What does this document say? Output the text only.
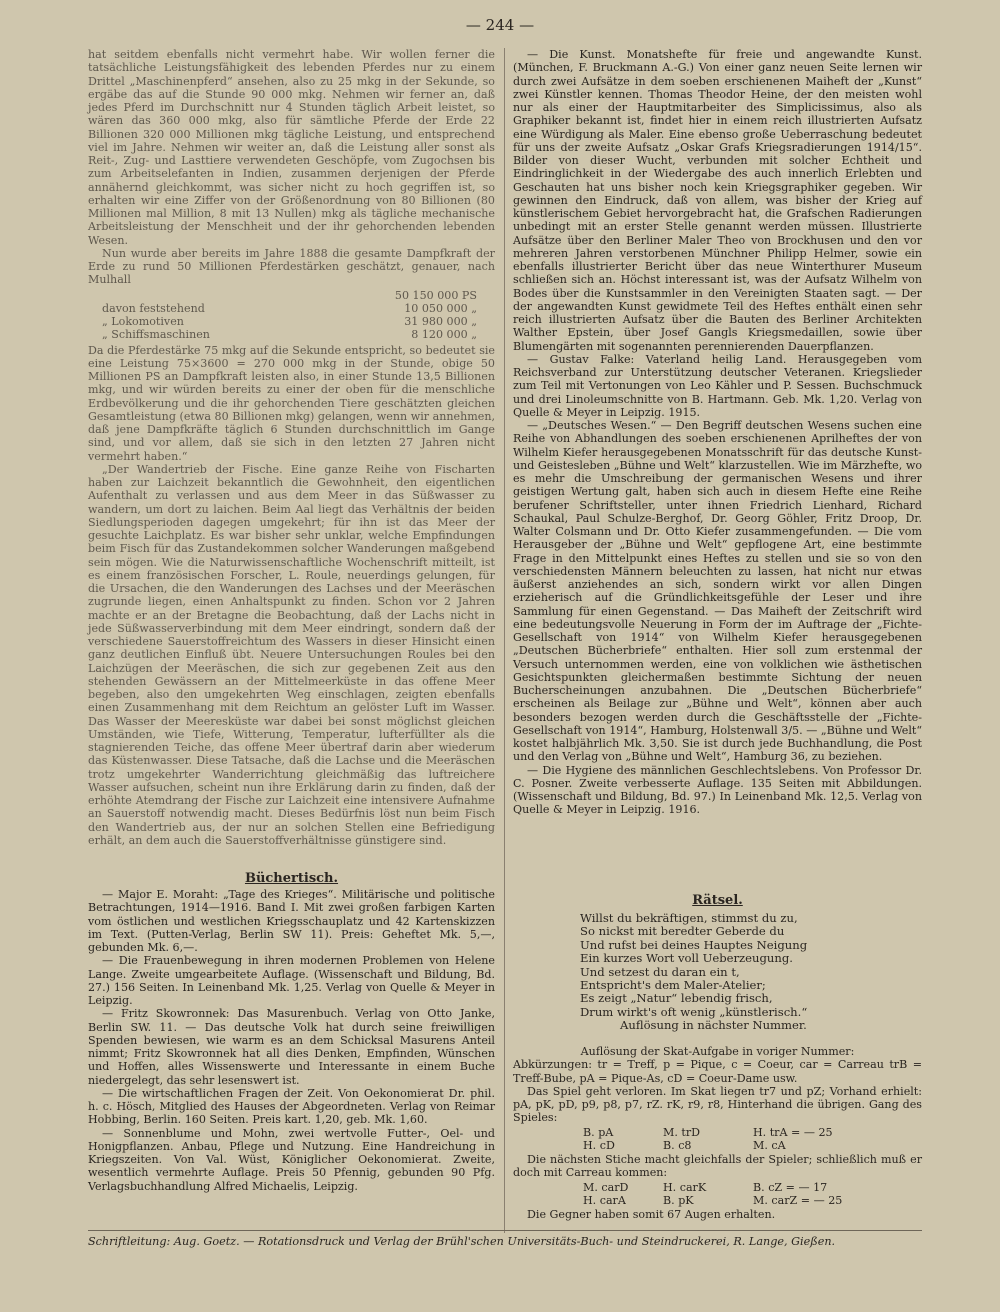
— 244 —

hat seitdem ebenfalls nicht vermehrt habe. Wir wollen ferner die tatsächliche Leistungsfähigkeit des lebenden Pferdes nur zu einem Drittel „Maschinenpferd“ ansehen, also zu 25 mkg in der Sekunde, so ergäbe das auf die Stunde 90 000 mkg. Nehmen wir ferner an, daß jedes Pferd im Durchschnitt nur 4 Stunden täglich Arbeit leistet, so wären das 360 000 mkg, also für sämtliche Pferde der Erde 22 Billionen 320 000 Millionen mkg tägliche Leistung, und entsprechend viel im Jahre. Nehmen wir weiter an, daß die Leistung aller sonst als Reit-, Zug- und Lasttiere verwendeten Geschöpfe, vom Zugochsen bis zum Arbeitselefanten in Indien, zusammen derjenigen der Pferde annähernd gleichkommt, was sicher nicht zu hoch gegriffen ist, so erhalten wir eine Ziffer von der Größenordnung von 80 Billionen (80 Millionen mal Million, 8 mit 13 Nullen) mkg als tägliche mechanische Arbeitsleistung der Menschheit und der ihr gehorchenden lebenden Wesen.

Nun wurde aber bereits im Jahre 1888 die gesamte Dampfkraft der Erde zu rund 50 Millionen Pferdestärken geschätzt, genauer, nach Mulhall

50 150 000 PS
davon feststehend	10 050 000 „
„ Lokomotiven	31 980 000 „
„ Schiffsmaschinen	8 120 000 „

Da die Pferdestärke 75 mkg auf die Sekunde entspricht, so bedeutet sie eine Leistung 75×3600 = 270 000 mkg in der Stunde, obige 50 Millionen PS an Dampfkraft leisten also, in einer Stunde 13,5 Billionen mkg, und wir würden bereits zu einer der oben für die menschliche Erdbevölkerung und die ihr gehorchenden Tiere geschätzten gleichen Gesamtleistung (etwa 80 Billionen mkg) gelangen, wenn wir annehmen, daß jene Dampfkräfte täglich 6 Stunden durchschnittlich im Gange sind, und vor allem, daß sie sich in den letzten 27 Jahren nicht vermehrt haben.“

„Der Wandertrieb der Fische. Eine ganze Reihe von Fischarten haben zur Laichzeit bekanntlich die Gewohnheit, den eigentlichen Aufenthalt zu verlassen und aus dem Meer in das Süßwasser zu wandern, um dort zu laichen. Beim Aal liegt das Verhältnis der beiden Siedlungsperioden dagegen umgekehrt; für ihn ist das Meer der gesuchte Laichplatz. Es war bisher sehr unklar, welche Empfindungen beim Fisch für das Zustandekommen solcher Wanderungen maßgebend sein mögen. Wie die Naturwissenschaftliche Wochenschrift mitteilt, ist es einem französischen Forscher, L. Roule, neuerdings gelungen, für die Ursachen, die den Wanderungen des Lachses und der Meeräschen zugrunde liegen, einen Anhaltspunkt zu finden. Schon vor 2 Jahren machte er an der Bretagne die Beobachtung, daß der Lachs nicht in jede Süßwasserverbindung mit dem Meer eindringt, sondern daß der verschiedene Sauerstoffreichtum des Wassers in dieser Hinsicht einen ganz deutlichen Einfluß übt. Neuere Untersuchungen Roules bei den Laichzügen der Meeräschen, die sich zur gegebenen Zeit aus den stehenden Gewässern an der Mittelmeerküste in das offene Meer begeben, also den umgekehrten Weg einschlagen, zeigten ebenfalls einen Zusammenhang mit dem Reichtum an gelöster Luft im Wasser. Das Wasser der Meeresküste war dabei bei sonst möglichst gleichen Umständen, wie Tiefe, Witterung, Temperatur, lufterfüllter als die stagnierenden Teiche, das offene Meer übertraf darin aber wiederum das Küstenwasser. Diese Tatsache, daß die Lachse und die Meeräschen trotz umgekehrter Wanderrichtung gleichmäßig das luftreichere Wasser aufsuchen, scheint nun ihre Erklärung darin zu finden, daß der erhöhte Atemdrang der Fische zur Laichzeit eine intensivere Aufnahme an Sauerstoff notwendig macht. Dieses Bedürfnis löst nun beim Fisch den Wandertrieb aus, der nur an solchen Stellen eine Befriedigung erhält, an dem auch die Sauerstoffverhältnisse günstigere sind.

Büchertisch.

— Major E. Moraht: „Tage des Krieges“. Militärische und politische Betrachtungen, 1914—1916. Band I. Mit zwei großen farbigen Karten vom östlichen und westlichen Kriegsschauplatz und 42 Kartenskizzen im Text. (Putten-Verlag, Berlin SW 11). Preis: Geheftet Mk. 5,—, gebunden Mk. 6,—.

— Die Frauenbewegung in ihren modernen Problemen von Helene Lange. Zweite umgearbeitete Auflage. (Wissenschaft und Bildung, Bd. 27.) 156 Seiten. In Leinenband Mk. 1,25. Verlag von Quelle & Meyer in Leipzig.

— Fritz Skowronnek: Das Masurenbuch. Verlag von Otto Janke, Berlin SW. 11. — Das deutsche Volk hat durch seine freiwilligen Spenden bewiesen, wie warm es an dem Schicksal Masurens Anteil nimmt; Fritz Skowronnek hat all dies Denken, Empfinden, Wünschen und Hoffen, alles Wissenswerte und Interessante in einem Buche niedergelegt, das sehr lesenswert ist.

— Die wirtschaftlichen Fragen der Zeit. Von Oekonomierat Dr. phil. h. c. Hösch, Mitglied des Hauses der Abgeordneten. Verlag von Reimar Hobbing, Berlin. 160 Seiten. Preis kart. 1,20, geb. Mk. 1,60.

— Sonnenblume und Mohn, zwei wertvolle Futter-, Oel- und Honigpflanzen. Anbau, Pflege und Nutzung. Eine Handreichung in Kriegszeiten. Von Val. Wüst, Königlicher Oekonomierat. Zweite, wesentlich vermehrte Auflage. Preis 50 Pfennig, gebunden 90 Pfg. Verlagsbuchhandlung Alfred Michaelis, Leipzig.

— Die Kunst. Monatshefte für freie und angewandte Kunst. (München, F. Bruckmann A.-G.) Von einer ganz neuen Seite lernen wir durch zwei Aufsätze in dem soeben erschienenen Maiheft der „Kunst“ zwei Künstler kennen. Thomas Theodor Heine, der den meisten wohl nur als einer der Hauptmitarbeiter des Simplicissimus, also als Graphiker bekannt ist, findet hier in einem reich illustrierten Aufsatz eine Würdigung als Maler. Eine ebenso große Ueberraschung bedeutet für uns der zweite Aufsatz „Oskar Grafs Kriegsradierungen 1914/15“. Bilder von dieser Wucht, verbunden mit solcher Echtheit und Eindringlichkeit in der Wiedergabe des auch innerlich Erlebten und Geschauten hat uns bisher noch kein Kriegsgraphiker gegeben. Wir gewinnen den Eindruck, daß von allem, was bisher der Krieg auf künstlerischem Gebiet hervorgebracht hat, die Grafschen Radierungen unbedingt mit an erster Stelle genannt werden müssen. Illustrierte Aufsätze über den Berliner Maler Theo von Brockhusen und den vor mehreren Jahren verstorbenen Münchner Philipp Helmer, sowie ein ebenfalls illustrierter Bericht über das neue Winterthurer Museum schließen sich an. Höchst interessant ist, was der Aufsatz Wilhelm von Bodes über die Kunstsammler in den Vereinigten Staaten sagt. — Der der angewandten Kunst gewidmete Teil des Heftes enthält einen sehr reich illustrierten Aufsatz über die Bauten des Berliner Architekten Walther Epstein, über Josef Gangls Kriegsmedaillen, sowie über Blumengärten mit sogenannten perennierenden Dauerpflanzen.

— Gustav Falke: Vaterland heilig Land. Herausgegeben vom Reichsverband zur Unterstützung deutscher Veteranen. Kriegslieder zum Teil mit Vertonungen von Leo Kähler und P. Sessen. Buchschmuck und drei Linoleumschnitte von B. Hartmann. Geb. Mk. 1,20. Verlag von Quelle & Meyer in Leipzig. 1915.

— „Deutsches Wesen.“ — Den Begriff deutschen Wesens suchen eine Reihe von Abhandlungen des soeben erschienenen Aprilheftes der von Wilhelm Kiefer herausgegebenen Monatsschrift für das deutsche Kunst- und Geistesleben „Bühne und Welt“ klarzustellen. Wie im Märzhefte, wo es mehr die Umschreibung der germanischen Wesens und ihrer geistigen Wertung galt, haben sich auch in diesem Hefte eine Reihe berufener Schriftsteller, unter ihnen Friedrich Lienhard, Richard Schaukal, Paul Schulze-Berghof, Dr. Georg Göhler, Fritz Droop, Dr. Walter Colsmann und Dr. Otto Kiefer zusammengefunden. — Die vom Herausgeber der „Bühne und Welt“ gepflogene Art, eine bestimmte Frage in den Mittelpunkt eines Heftes zu stellen und sie so von den verschiedensten Männern beleuchten zu lassen, hat nicht nur etwas äußerst anziehendes an sich, sondern wirkt vor allen Dingen erzieherisch auf die Gründlichkeitsgefühle der Leser und ihre Sammlung für einen Gegenstand. — Das Maiheft der Zeitschrift wird eine bedeutungsvolle Neuerung in Form der im Auftrage der „Fichte-Gesellschaft von 1914“ von Wilhelm Kiefer herausgegebenen „Deutschen Bücherbriefe“ enthalten. Hier soll zum erstenmal der Versuch unternommen werden, eine von volklichen wie ästhetischen Gesichtspunkten gleichermaßen bestimmte Sichtung der neuen Bucherscheinungen anzubahnen. Die „Deutschen Bücherbriefe“ erscheinen als Beilage zur „Bühne und Welt“, können aber auch besonders bezogen werden durch die Geschäftsstelle der „Fichte-Gesellschaft von 1914“, Hamburg, Holstenwall 3/5. — „Bühne und Welt“ kostet halbjährlich Mk. 3,50. Sie ist durch jede Buchhandlung, die Post und den Verlag von „Bühne und Welt“, Hamburg 36, zu beziehen.

— Die Hygiene des männlichen Geschlechtslebens. Von Professor Dr. C. Posner. Zweite verbesserte Auflage. 135 Seiten mit Abbildungen. (Wissenschaft und Bildung, Bd. 97.) In Leinenband Mk. 12,5. Verlag von Quelle & Meyer in Leipzig. 1916.

Rätsel.
Willst du bekräftigen, stimmst du zu,
So nickst mit beredter Geberde du
Und rufst bei deines Hauptes Neigung
Ein kurzes Wort voll Ueberzeugung.
Und setzest du daran ein t,
Entspricht's dem Maler-Atelier;
Es zeigt „Natur“ lebendig frisch,
Drum wirkt's oft wenig „künstlerisch.“
Auflösung in nächster Nummer.
Auflösung der Skat-Aufgabe in voriger Nummer:
Abkürzungen: tr = Treff, p = Pique, c = Coeur, car = Carreau trB = Treff-Bube, pA = Pique-As, cD = Coeur-Dame usw.
Das Spiel geht verloren. Im Skat liegen tr7 und pZ; Vorhand erhielt: pA, pK, pD, p9, p8, p7, rZ. rK, r9, r8, Hinterhand die übrigen. Gang des Spieles:
B. pA	M. trD	H. trA = — 25
H. cD	B. c8	M. cA
Die nächsten Stiche macht gleichfalls der Spieler; schließlich muß er doch mit Carreau kommen:
M. carD	H. carK	B. cZ = — 17
H. carA	B. pK	M. carZ = — 25
Die Gegner haben somit 67 Augen erhalten.
Schriftleitung: Aug. Goetz. — Rotationsdruck und Verlag der Brühl'schen Universitäts-Buch- und Steindruckerei, R. Lange, Gießen.
